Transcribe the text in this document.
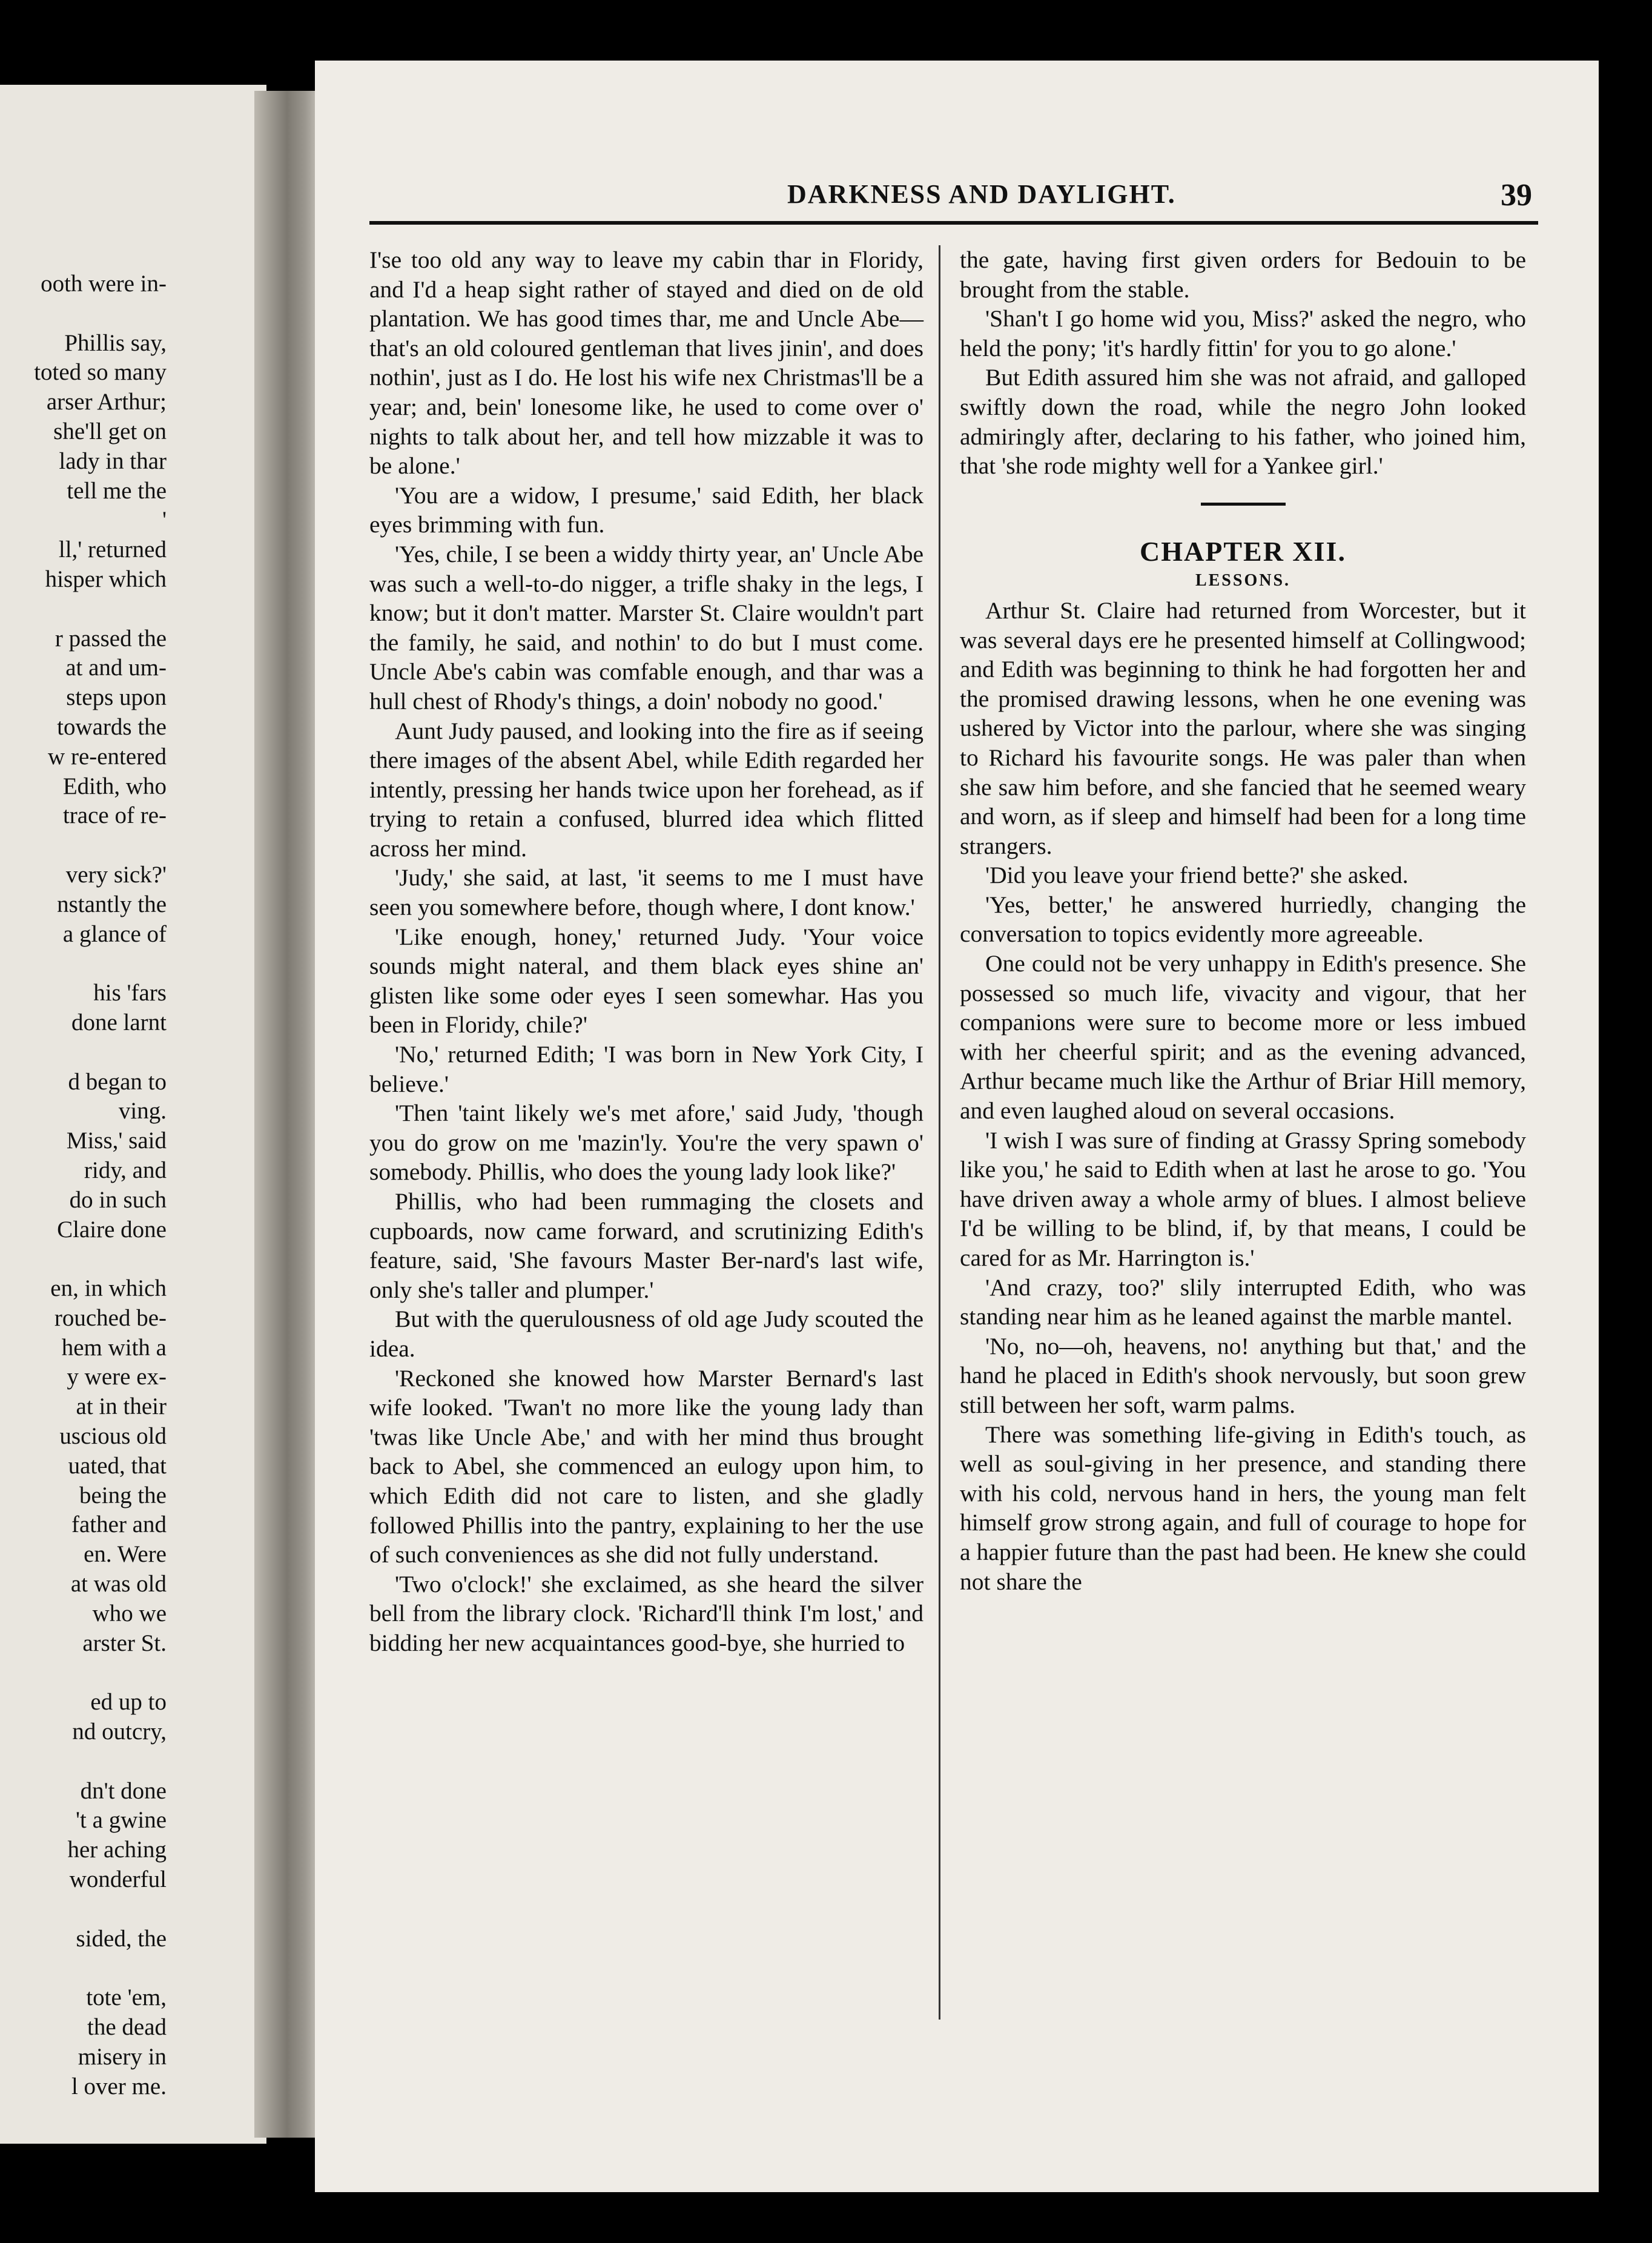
ooth were in-

Phillis say,

toted so many

arser Arthur;

she'll get on

lady in thar

tell me the

'

ll,' returned

hisper which

r passed the

at and um-

steps upon

towards the

w re-entered

Edith, who

trace of re-

very sick?'

nstantly the

a glance of

his 'fars

done larnt

d began to

ving.

Miss,' said

ridy, and

do in such

Claire done

en, in which

rouched be-

hem with a

y were ex-

at in their

uscious old

uated, that

being the

father and

en. Were

at was old

who we

arster St.

ed up to

nd outcry,

dn't done

't a gwine

her aching

wonderful

sided, the

tote 'em,

the dead

misery in

l over me.

DARKNESS AND DAYLIGHT.	39

I'se too old any way to leave my cabin thar in Floridy, and I'd a heap sight rather of stayed and died on de old plantation. We has good times thar, me and Uncle Abe—that's an old coloured gentleman that lives jinin', and does nothin', just as I do. He lost his wife nex Christmas'll be a year; and, bein' lonesome like, he used to come over o' nights to talk about her, and tell how mizzable it was to be alone.'

'You are a widow, I presume,' said Edith, her black eyes brimming with fun.

'Yes, chile, I se been a widdy thirty year, an' Uncle Abe was such a well-to-do nigger, a trifle shaky in the legs, I know; but it don't matter. Marster St. Claire wouldn't part the family, he said, and nothin' to do but I must come. Uncle Abe's cabin was comfable enough, and thar was a hull chest of Rhody's things, a doin' nobody no good.'

Aunt Judy paused, and looking into the fire as if seeing there images of the absent Abel, while Edith regarded her intently, pressing her hands twice upon her forehead, as if trying to retain a confused, blurred idea which flitted across her mind.

'Judy,' she said, at last, 'it seems to me I must have seen you somewhere before, though where, I dont know.'

'Like enough, honey,' returned Judy. 'Your voice sounds might nateral, and them black eyes shine an' glisten like some oder eyes I seen somewhar. Has you been in Floridy, chile?'

'No,' returned Edith; 'I was born in New York City, I believe.'

'Then 'taint likely we's met afore,' said Judy, 'though you do grow on me 'mazin'ly. You're the very spawn o' somebody. Phillis, who does the young lady look like?'

Phillis, who had been rummaging the closets and cupboards, now came forward, and scrutinizing Edith's feature, said, 'She favours Master Ber-nard's last wife, only she's taller and plumper.'

But with the querulousness of old age Judy scouted the idea.

'Reckoned she knowed how Marster Bernard's last wife looked. 'Twan't no more like the young lady than 'twas like Uncle Abe,' and with her mind thus brought back to Abel, she commenced an eulogy upon him, to which Edith did not care to listen, and she gladly followed Phillis into the pantry, explaining to her the use of such conveniences as she did not fully understand.

'Two o'clock!' she exclaimed, as she heard the silver bell from the library clock. 'Richard'll think I'm lost,' and bidding her new acquaintances good-bye, she hurried to

the gate, having first given orders for Bedouin to be brought from the stable.

'Shan't I go home wid you, Miss?' asked the negro, who held the pony; 'it's hardly fittin' for you to go alone.'

But Edith assured him she was not afraid, and galloped swiftly down the road, while the negro John looked admiringly after, declaring to his father, who joined him, that 'she rode mighty well for a Yankee girl.'

CHAPTER XII.

LESSONS.

Arthur St. Claire had returned from Worcester, but it was several days ere he presented himself at Collingwood; and Edith was beginning to think he had forgotten her and the promised drawing lessons, when he one evening was ushered by Victor into the parlour, where she was singing to Richard his favourite songs. He was paler than when she saw him before, and she fancied that he seemed weary and worn, as if sleep and himself had been for a long time strangers.

'Did you leave your friend bette?' she asked.

'Yes, better,' he answered hurriedly, changing the conversation to topics evidently more agreeable.

One could not be very unhappy in Edith's presence. She possessed so much life, vivacity and vigour, that her companions were sure to become more or less imbued with her cheerful spirit; and as the evening advanced, Arthur became much like the Arthur of Briar Hill memory, and even laughed aloud on several occasions.

'I wish I was sure of finding at Grassy Spring somebody like you,' he said to Edith when at last he arose to go. 'You have driven away a whole army of blues. I almost believe I'd be willing to be blind, if, by that means, I could be cared for as Mr. Harrington is.'

'And crazy, too?' slily interrupted Edith, who was standing near him as he leaned against the marble mantel.

'No, no—oh, heavens, no! anything but that,' and the hand he placed in Edith's shook nervously, but soon grew still between her soft, warm palms.

There was something life-giving in Edith's touch, as well as soul-giving in her presence, and standing there with his cold, nervous hand in hers, the young man felt himself grow strong again, and full of courage to hope for a happier future than the past had been. He knew she could not share the
